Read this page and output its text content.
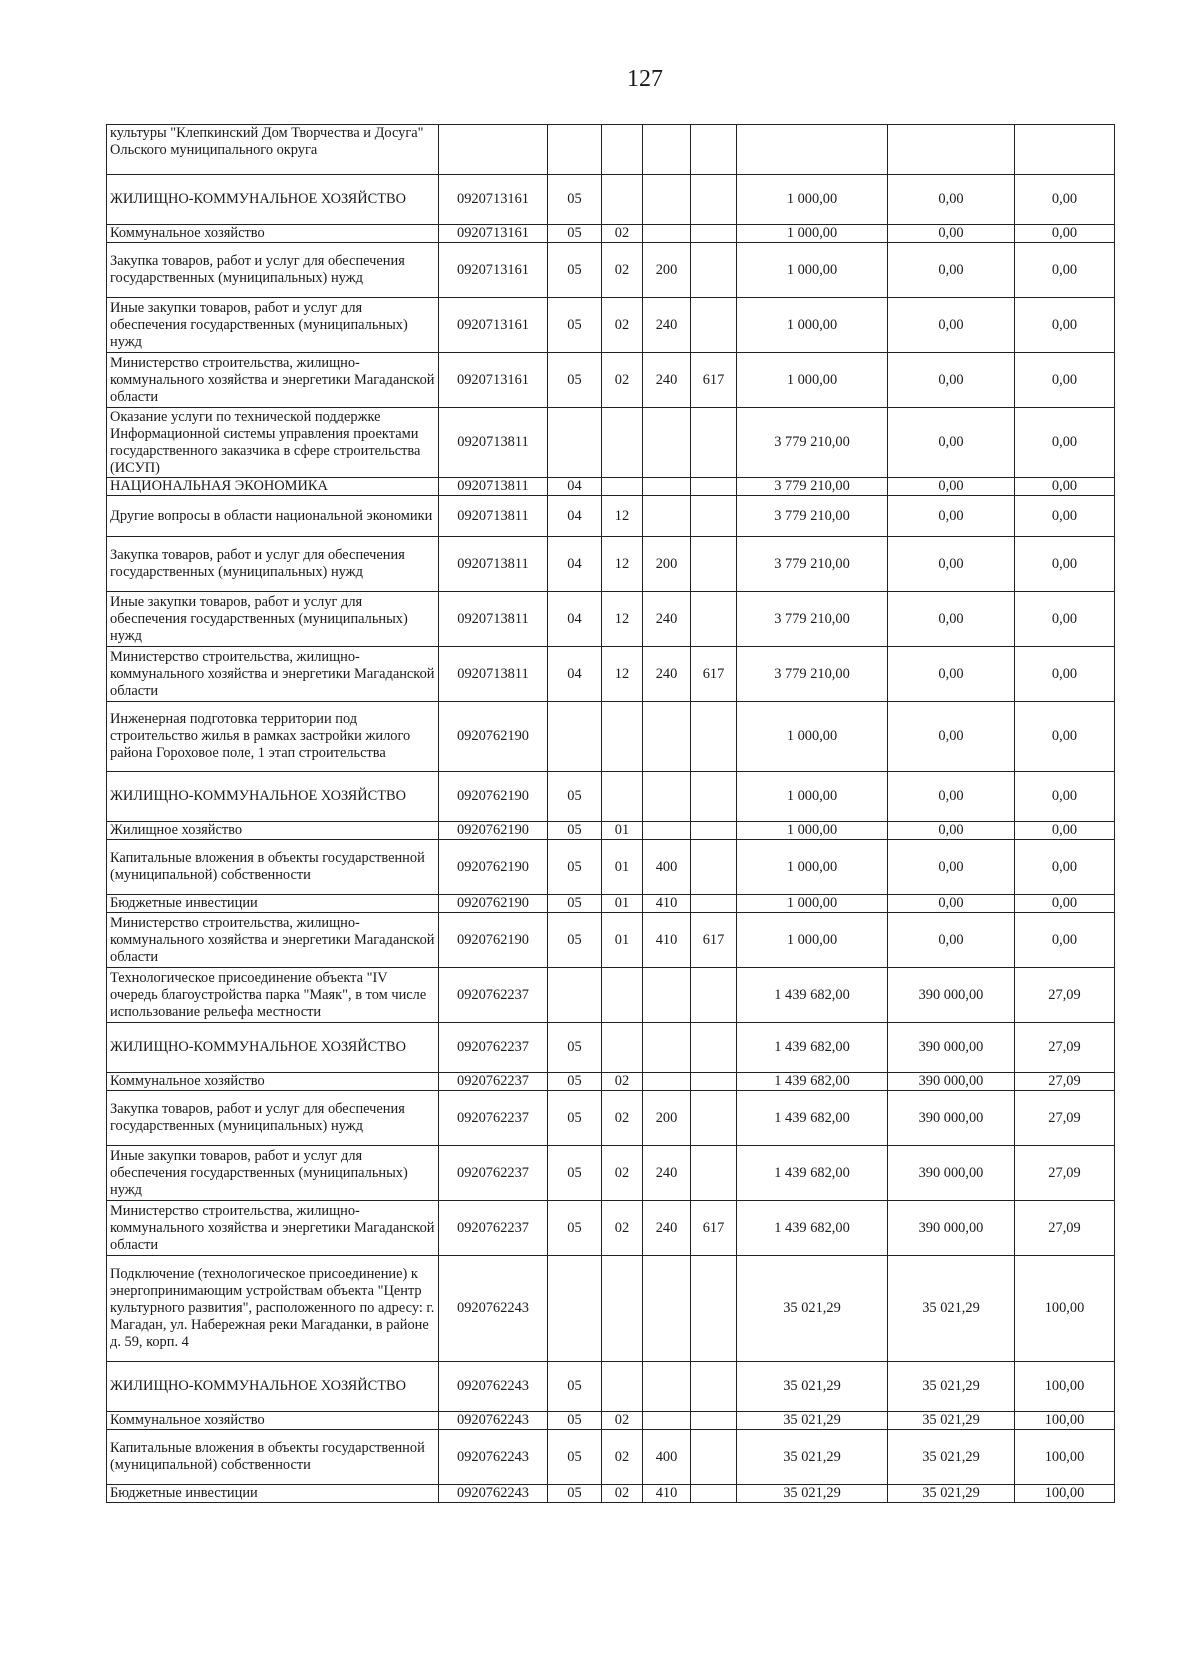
127
культуры "Клепкинский Дом Творчества и Досуга" Ольского муниципального округа								
ЖИЛИЩНО-КОММУНАЛЬНОЕ ХОЗЯЙСТВО	0920713161	05				1 000,00	0,00	0,00
Коммунальное хозяйство	0920713161	05	02			1 000,00	0,00	0,00
Закупка товаров, работ и услуг для обеспечения государственных (муниципальных) нужд	0920713161	05	02	200		1 000,00	0,00	0,00
Иные закупки товаров, работ и услуг для обеспечения государственных (муниципальных) нужд	0920713161	05	02	240		1 000,00	0,00	0,00
Министерство строительства, жилищно-коммунального хозяйства и энергетики Магаданской области	0920713161	05	02	240	617	1 000,00	0,00	0,00
Оказание услуги по технической поддержке Информационной системы управления проектами государственного заказчика в сфере строительства (ИСУП)	0920713811					3 779 210,00	0,00	0,00
НАЦИОНАЛЬНАЯ ЭКОНОМИКА	0920713811	04				3 779 210,00	0,00	0,00
Другие вопросы в области национальной экономики	0920713811	04	12			3 779 210,00	0,00	0,00
Закупка товаров, работ и услуг для обеспечения государственных (муниципальных) нужд	0920713811	04	12	200		3 779 210,00	0,00	0,00
Иные закупки товаров, работ и услуг для обеспечения государственных (муниципальных) нужд	0920713811	04	12	240		3 779 210,00	0,00	0,00
Министерство строительства, жилищно-коммунального хозяйства и энергетики Магаданской области	0920713811	04	12	240	617	3 779 210,00	0,00	0,00
Инженерная подготовка территории под строительство жилья в рамках застройки жилого района Гороховое поле, 1 этап строительства	0920762190					1 000,00	0,00	0,00
ЖИЛИЩНО-КОММУНАЛЬНОЕ ХОЗЯЙСТВО	0920762190	05				1 000,00	0,00	0,00
Жилищное хозяйство	0920762190	05	01			1 000,00	0,00	0,00
Капитальные вложения в объекты государственной (муниципальной) собственности	0920762190	05	01	400		1 000,00	0,00	0,00
Бюджетные инвестиции	0920762190	05	01	410		1 000,00	0,00	0,00
Министерство строительства, жилищно-коммунального хозяйства и энергетики Магаданской области	0920762190	05	01	410	617	1 000,00	0,00	0,00
Технологическое присоединение объекта "IV очередь благоустройства парка "Маяк", в том числе использование рельефа местности	0920762237					1 439 682,00	390 000,00	27,09
ЖИЛИЩНО-КОММУНАЛЬНОЕ ХОЗЯЙСТВО	0920762237	05				1 439 682,00	390 000,00	27,09
Коммунальное хозяйство	0920762237	05	02			1 439 682,00	390 000,00	27,09
Закупка товаров, работ и услуг для обеспечения государственных (муниципальных) нужд	0920762237	05	02	200		1 439 682,00	390 000,00	27,09
Иные закупки товаров, работ и услуг для обеспечения государственных (муниципальных) нужд	0920762237	05	02	240		1 439 682,00	390 000,00	27,09
Министерство строительства, жилищно-коммунального хозяйства и энергетики Магаданской области	0920762237	05	02	240	617	1 439 682,00	390 000,00	27,09
Подключение (технологическое присоединение) к энергопринимающим устройствам объекта "Центр культурного развития", расположенного по адресу: г. Магадан, ул. Набережная реки Магаданки, в районе д. 59, корп. 4	0920762243					35 021,29	35 021,29	100,00
ЖИЛИЩНО-КОММУНАЛЬНОЕ ХОЗЯЙСТВО	0920762243	05				35 021,29	35 021,29	100,00
Коммунальное хозяйство	0920762243	05	02			35 021,29	35 021,29	100,00
Капитальные вложения в объекты государственной (муниципальной) собственности	0920762243	05	02	400		35 021,29	35 021,29	100,00
Бюджетные инвестиции	0920762243	05	02	410		35 021,29	35 021,29	100,00
